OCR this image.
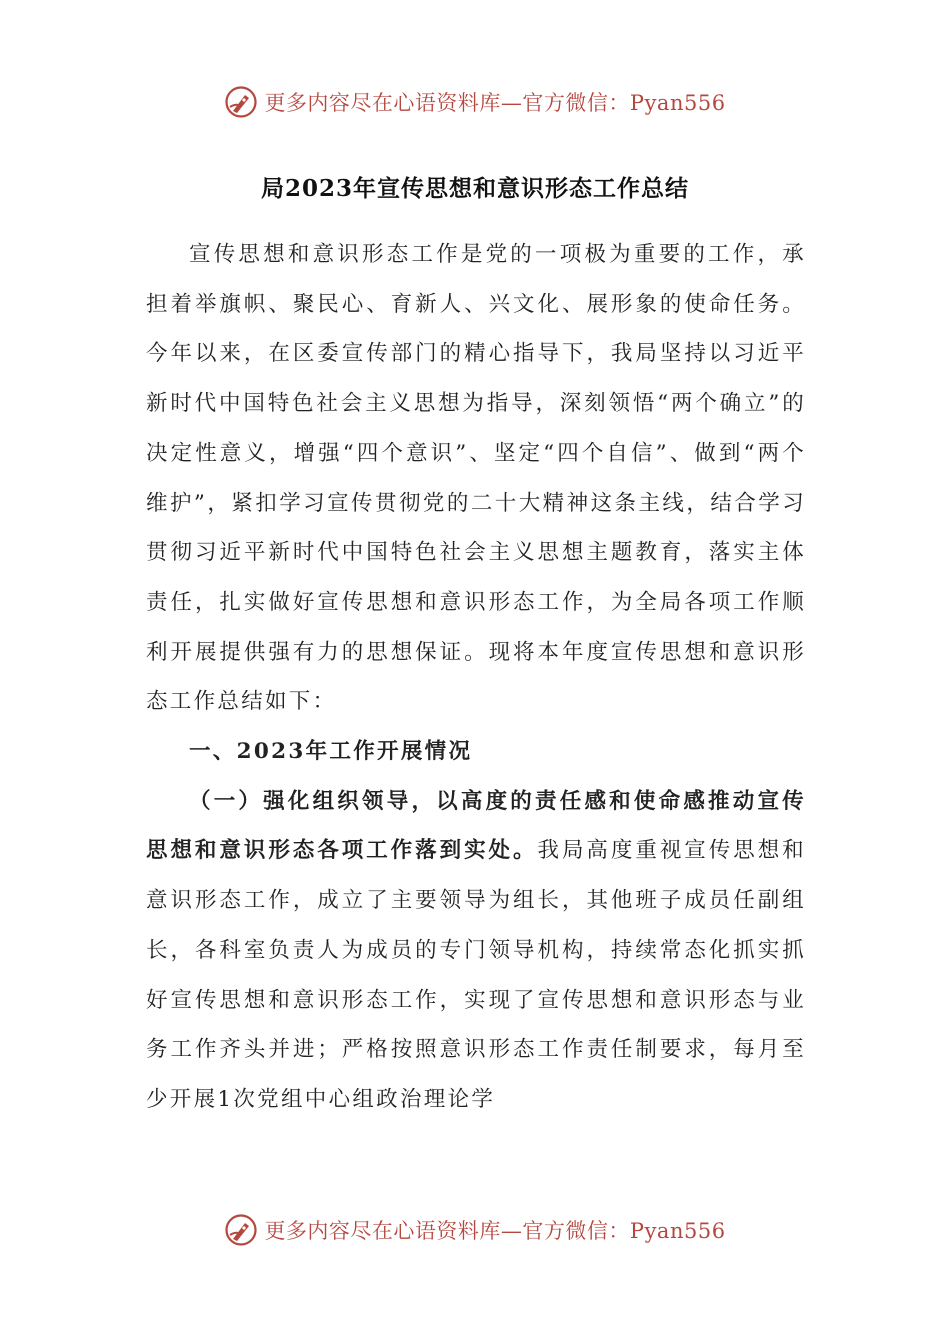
更多内容尽在心语资料库—官方微信：Pyan556
局2023年宣传思想和意识形态工作总结

宣传思想和意识形态工作是党的一项极为重要的工作，承担着举旗帜、聚民心、育新人、兴文化、展形象的使命任务。今年以来，在区委宣传部门的精心指导下，我局坚持以习近平新时代中国特色社会主义思想为指导，深刻领悟“两个确立”的决定性意义，增强“四个意识”、坚定“四个自信”、做到“两个维护”，紧扣学习宣传贯彻党的二十大精神这条主线，结合学习贯彻习近平新时代中国特色社会主义思想主题教育，落实主体责任，扎实做好宣传思想和意识形态工作，为全局各项工作顺利开展提供强有力的思想保证。现将本年度宣传思想和意识形态工作总结如下：

一、2023年工作开展情况

（一）强化组织领导，以高度的责任感和使命感推动宣传思想和意识形态各项工作落到实处。我局高度重视宣传思想和意识形态工作，成立了主要领导为组长，其他班子成员任副组长，各科室负责人为成员的专门领导机构，持续常态化抓实抓好宣传思想和意识形态工作，实现了宣传思想和意识形态与业务工作齐头并进；严格按照意识形态工作责任制要求，每月至少开展1次党组中心组政治理论学

更多内容尽在心语资料库—官方微信：Pyan556
